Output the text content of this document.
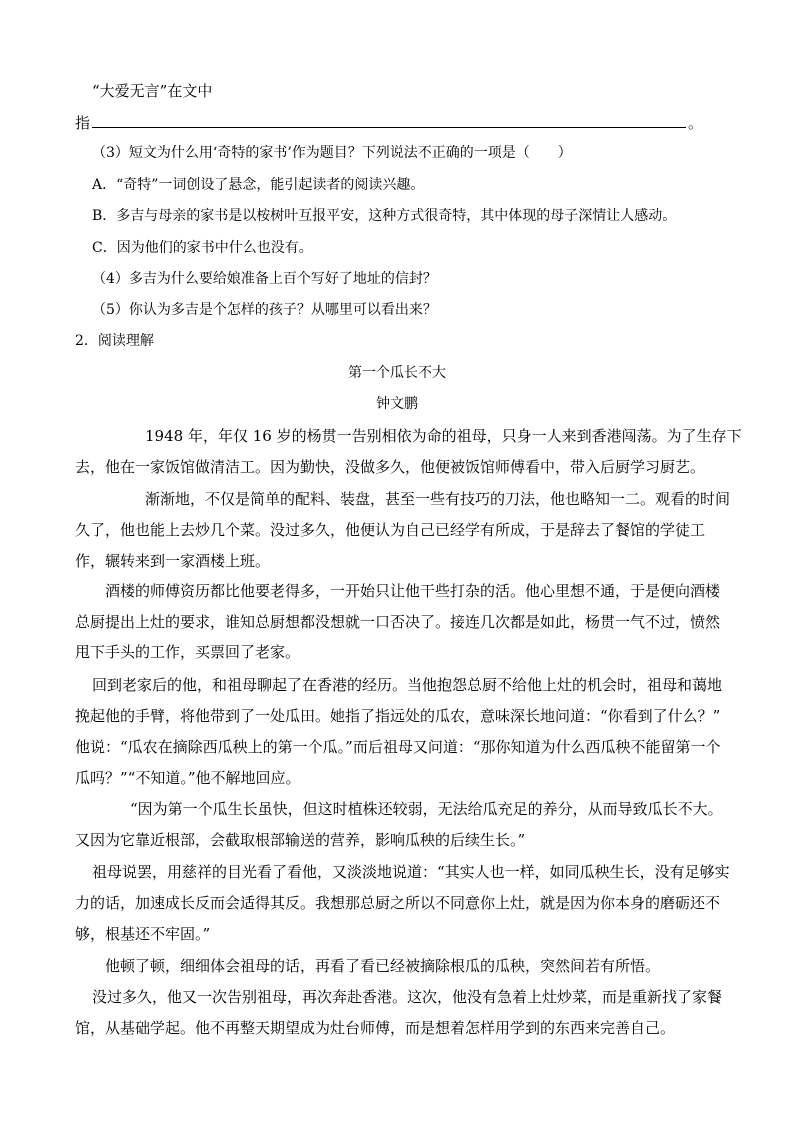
“大爱无言”在文中
指	。
（3）短文为什么用‘奇特的家书’作为题目？下列说法不正确的一项是（　　）
A．“奇特”一词创设了悬念，能引起读者的阅读兴趣。
B．多吉与母亲的家书是以桉树叶互报平安，这种方式很奇特，其中体现的母子深情让人感动。
C．因为他们的家书中什么也没有。
（4）多吉为什么要给娘准备上百个写好了地址的信封？
（5）你认为多吉是个怎样的孩子？从哪里可以看出来？
2．阅读理解
第一个瓜长不大
钟文鹏
1948 年，年仅 16 岁的杨贯一告别相依为命的祖母，只身一人来到香港闯荡。为了生存下
去，他在一家饭馆做清洁工。因为勤快，没做多久，他便被饭馆师傅看中，带入后厨学习厨艺。
渐渐地，不仅是简单的配料、装盘，甚至一些有技巧的刀法，他也略知一二。观看的时间
久了，他也能上去炒几个菜。没过多久，他便认为自己已经学有所成，于是辞去了餐馆的学徒工
作，辗转来到一家酒楼上班。
酒楼的师傅资历都比他要老得多，一开始只让他干些打杂的活。他心里想不通，于是便向酒楼
总厨提出上灶的要求，谁知总厨想都没想就一口否决了。接连几次都是如此，杨贯一气不过，愤然
甩下手头的工作，买票回了老家。
回到老家后的他，和祖母聊起了在香港的经历。当他抱怨总厨不给他上灶的机会时，祖母和蔼地
挽起他的手臂，将他带到了一处瓜田。她指了指远处的瓜农，意味深长地问道：“你看到了什么？”
他说：“瓜农在摘除西瓜秧上的第一个瓜。”而后祖母又问道：“那你知道为什么西瓜秧不能留第一个
瓜吗？”“不知道。”他不解地回应。
“因为第一个瓜生长虽快，但这时植株还较弱，无法给瓜充足的养分，从而导致瓜长不大。
又因为它靠近根部，会截取根部输送的营养，影响瓜秧的后续生长。”
祖母说罢，用慈祥的目光看了看他，又淡淡地说道：“其实人也一样，如同瓜秧生长，没有足够实
力的话，加速成长反而会适得其反。我想那总厨之所以不同意你上灶，就是因为你本身的磨砺还不
够，根基还不牢固。”
他顿了顿，细细体会祖母的话，再看了看已经被摘除根瓜的瓜秧，突然间若有所悟。
没过多久，他又一次告别祖母，再次奔赴香港。这次，他没有急着上灶炒菜，而是重新找了家餐
馆，从基础学起。他不再整天期望成为灶台师傅，而是想着怎样用学到的东西来完善自己。
